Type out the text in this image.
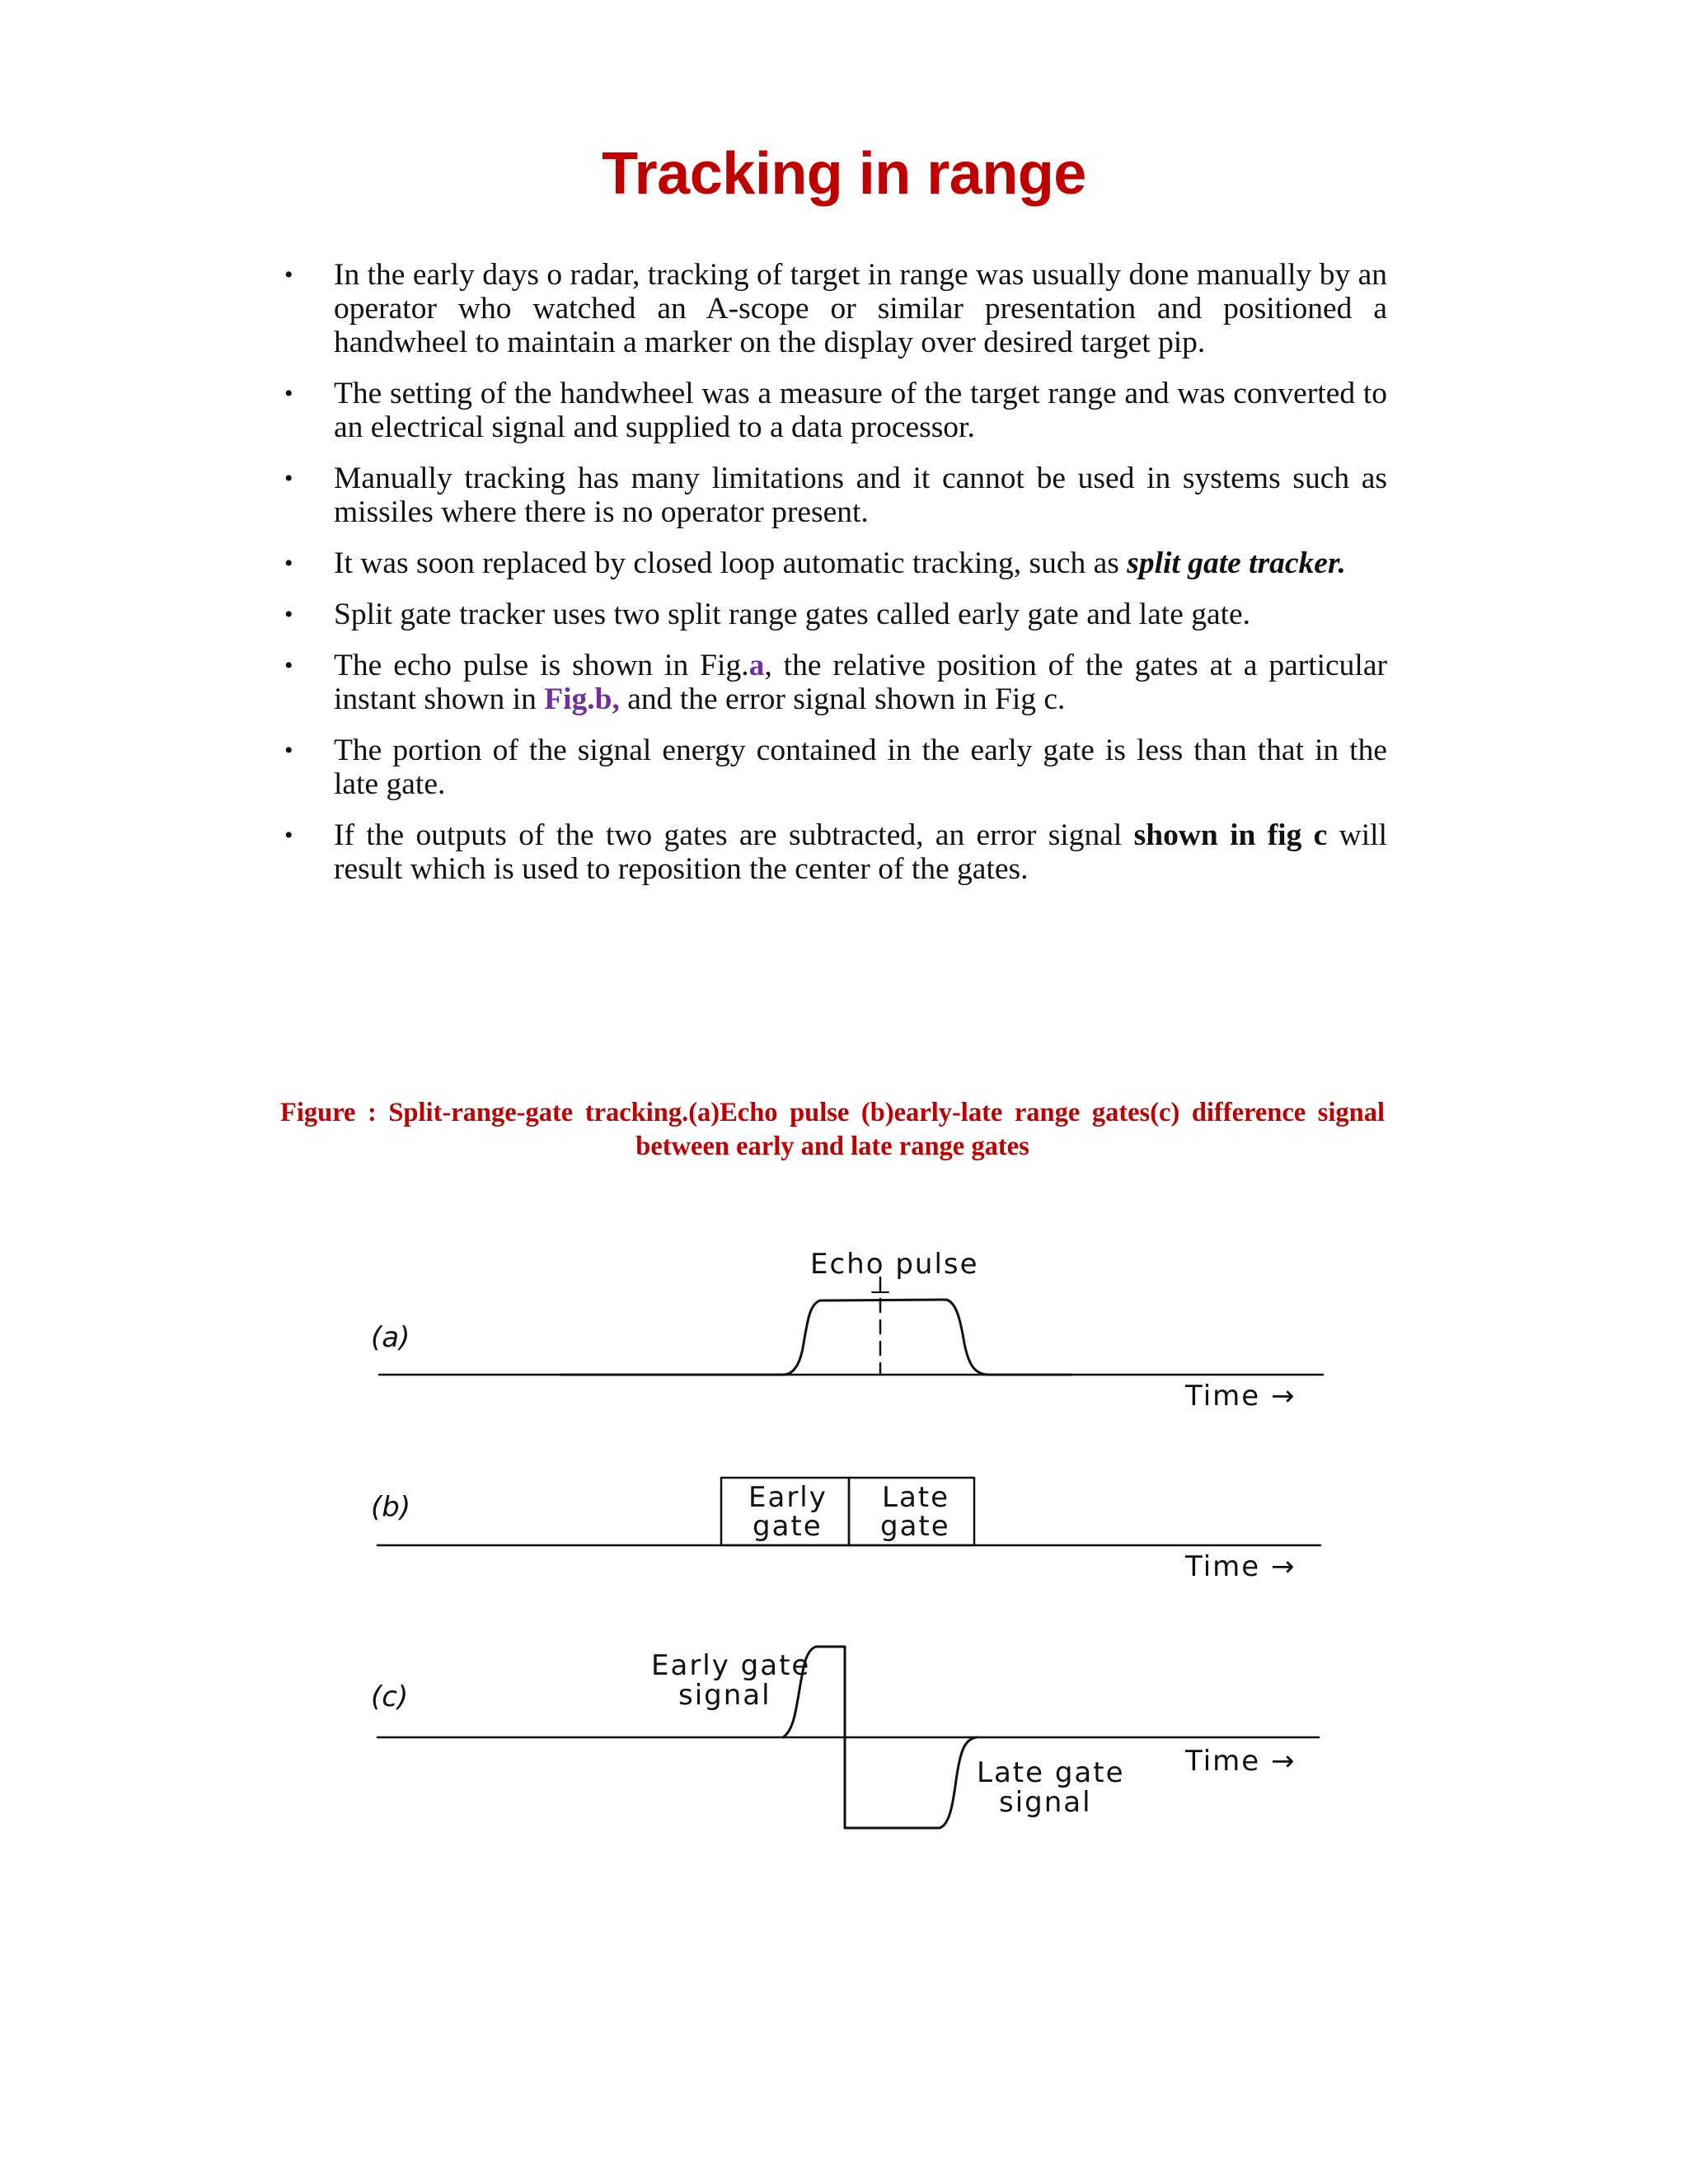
Tracking in range
• In the early days o radar, tracking of target in range was usually done manually by an operator who watched an A-scope or similar presentation and positioned a handwheel to maintain a marker on the display over desired target pip.
• The setting of the handwheel was a measure of the target range and was converted to an electrical signal and supplied to a data processor.
• Manually tracking has many limitations and it cannot be used in systems such as missiles where there is no operator present.
• It was soon replaced by closed loop automatic tracking, such as split gate tracker.
• Split gate tracker uses two split range gates called early gate and late gate.
• The echo pulse is shown in Fig.a, the relative position of the gates at a particular instant shown in Fig.b, and the error signal shown in Fig c.
• The portion of the signal energy contained in the early gate is less than that in the late gate.
• If the outputs of the two gates are subtracted, an error signal shown in fig c will result which is used to reposition the center of the gates.
Figure : Split-range-gate tracking.(a)Echo pulse (b)early-late range gates(c) difference signal
between early and late range gates
(a)
Echo pulse
Time →
(b)	Early
gate
Late
gate
Time →
(c)
Early gate
signal
Late gate
signal
Time →
